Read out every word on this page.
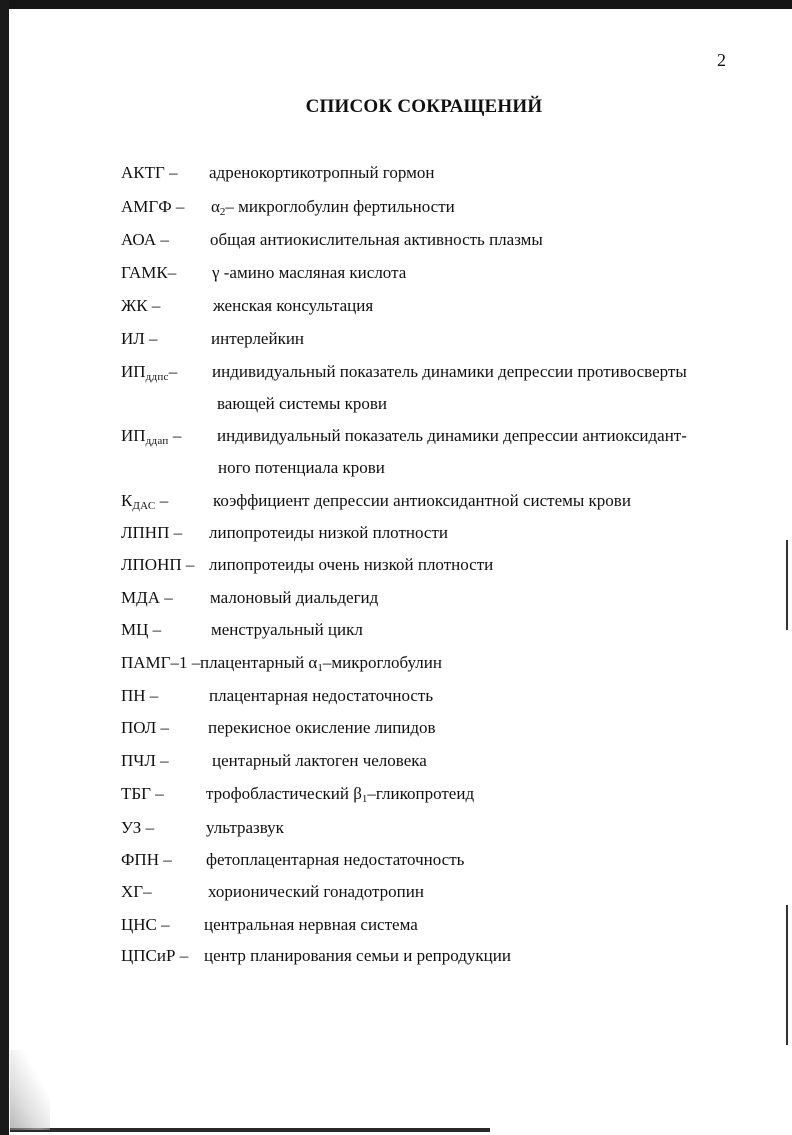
2
СПИСОК СОКРАЩЕНИЙ
АКТГ – адренокортикотропный гормон
АМГФ – $\alpha_2-$ микроглобулин фертильности
АОА – общая антиокислительная активность плазмы
ГАМК– γ -амино масляная кислота
ЖК –	женская консультация
ИЛ –	интерлейкин
$ИП_{ддпс}-$ индивидуальный показатель динамики депрессии противосверты
вающей системы крови
$ИП_{ддап}$ – индивидуальный показатель динамики депрессии антиоксидант-
ного потенциала крови
$К_{ДАС}$ –	коэффициент депрессии антиоксидантной системы крови
ЛПНП – липопротеиды низкой плотности
ЛПОНП – липопротеиды очень низкой плотности
МДА – малоновый диальдегид
МЦ –	менструальный цикл
ПАМГ–1 – плацентарный $\alpha_1$–микроглобулин
ПН –	плацентарная недостаточность
ПОЛ – перекисное окисление липидов
ПЧЛ –	центарный лактоген человека
ТБГ – трофобластический $\beta_1$–гликопротеид
УЗ –	ультразвук
ФПН – фетоплацентарная недостаточность
ХГ–	хорионический гонадотропин
ЦНС – центральная нервная система
ЦПСиР – центр планирования семьи и репродукции
